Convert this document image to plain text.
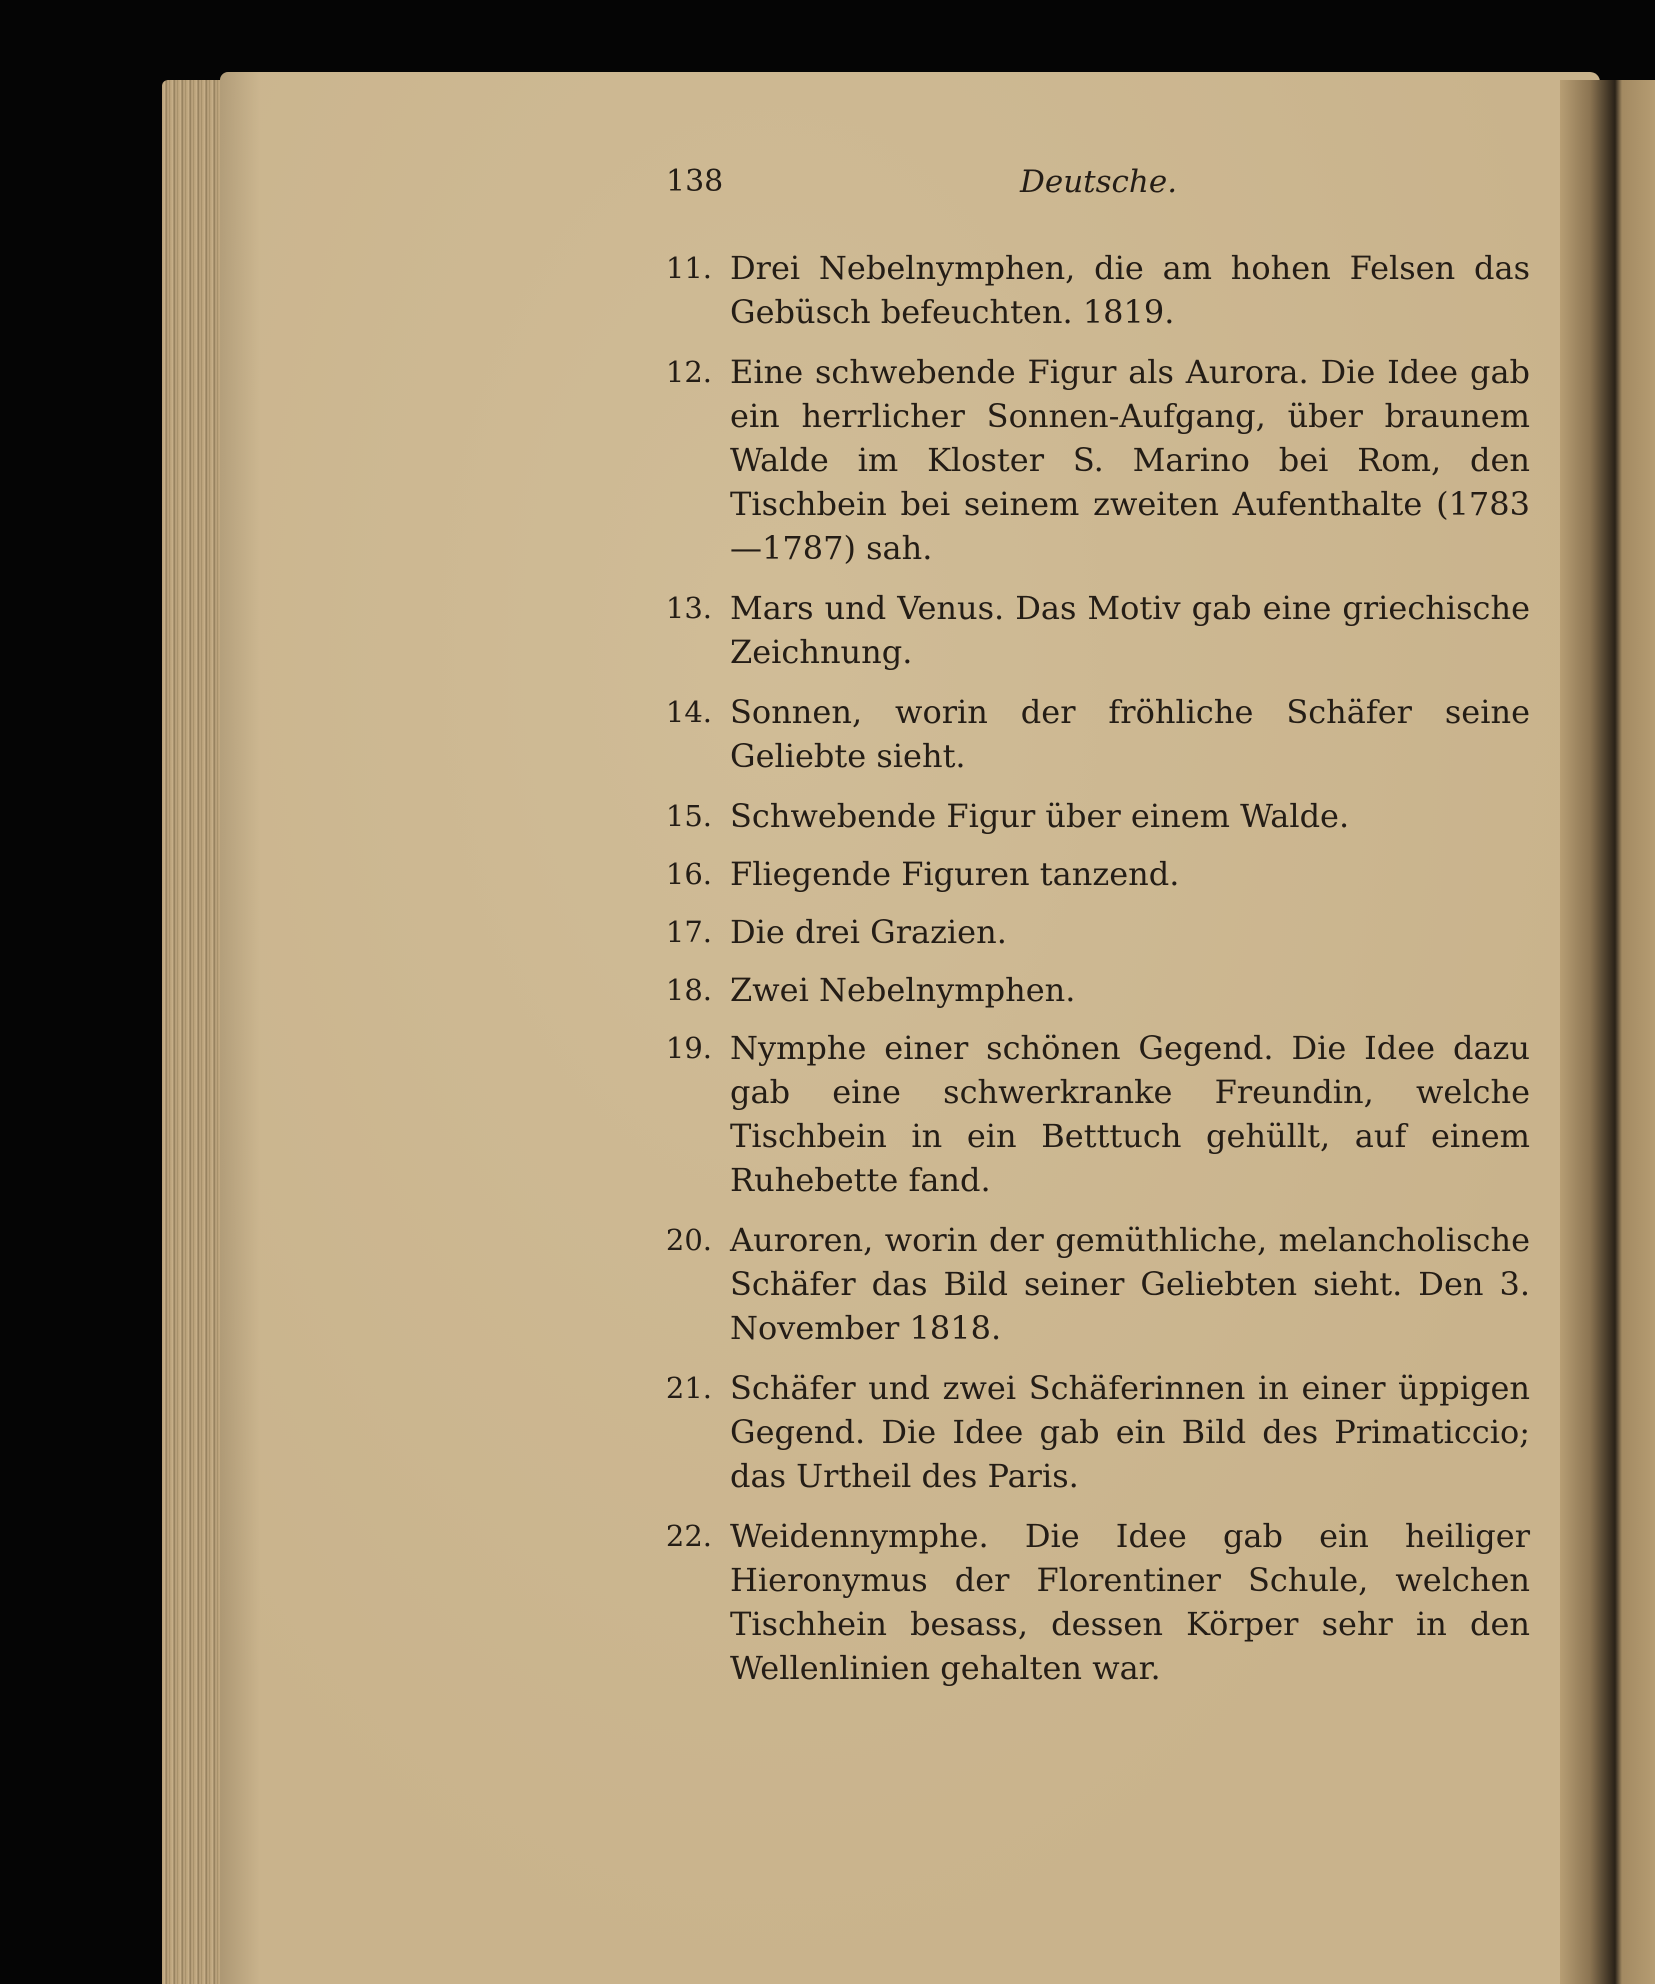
138	Deutsche.
11. Drei Nebelnymphen, die am hohen Felsen das Gebüsch befeuchten. 1819.
12. Eine schwebende Figur als Aurora. Die Idee gab ein herrlicher Sonnen-Aufgang, über braunem Walde im Kloster S. Marino bei Rom, den Tischbein bei seinem zweiten Aufenthalte (1783—1787) sah.
13. Mars und Venus. Das Motiv gab eine griechische Zeichnung.
14. Sonnen, worin der fröhliche Schäfer seine Geliebte sieht.
15. Schwebende Figur über einem Walde.
16. Fliegende Figuren tanzend.
17. Die drei Grazien.
18. Zwei Nebelnymphen.
19. Nymphe einer schönen Gegend. Die Idee dazu gab eine schwerkranke Freundin, welche Tischbein in ein Betttuch gehüllt, auf einem Ruhebette fand.
20. Auroren, worin der gemüthliche, melancholische Schäfer das Bild seiner Geliebten sieht. Den 3. November 1818.
21. Schäfer und zwei Schäferinnen in einer üppigen Gegend. Die Idee gab ein Bild des Primaticcio; das Urtheil des Paris.
22. Weidennymphe. Die Idee gab ein heiliger Hieronymus der Florentiner Schule, welchen Tischhein besass, dessen Körper sehr in den Wellenlinien gehalten war.
